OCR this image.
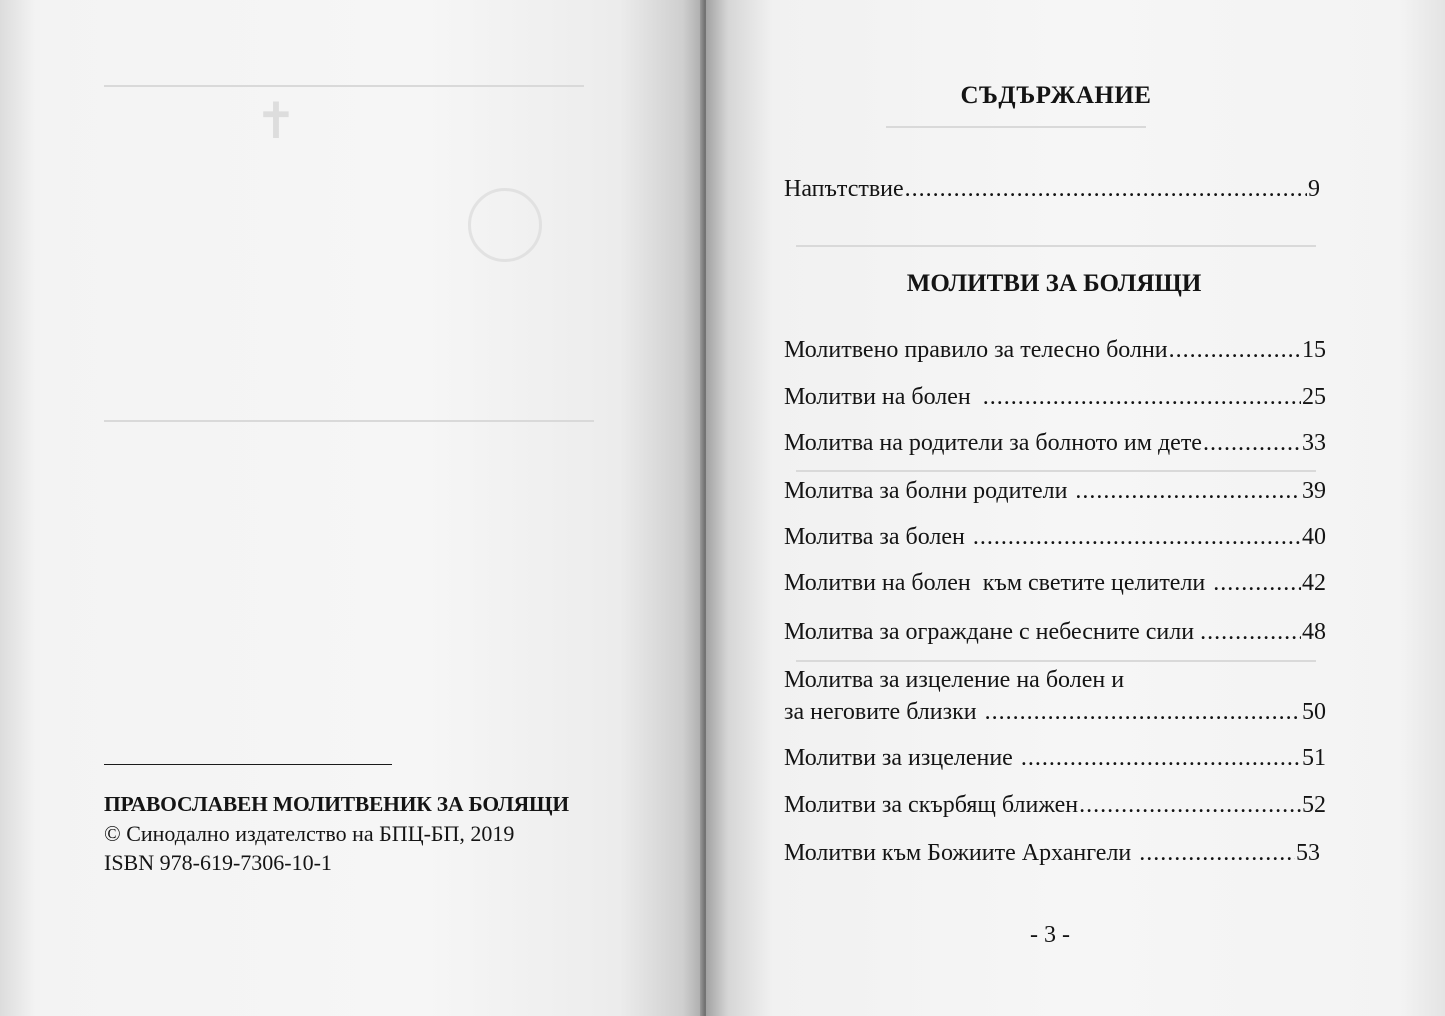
✝
ПРАВОСЛАВЕН МОЛИТВЕНИК ЗА БОЛЯЩИ
© Синодално издателство на БПЦ-БП, 2019
ISBN 978-619-7306-10-1
СЪДЪРЖАНИЕ
Напътствие .....	9
МОЛИТВИ ЗА БОЛЯЩИ
Молитвено правило за телесно болни .....	15
Молитви на болен .....	25
Молитва на родители за болното им дете .....	33
Молитва за болни родители .....	39
Молитва за болен .....	40
Молитви на болен  към светите целители .....	42
Молитва за ограждане с небесните сили .....	48
Молитва за изцеление на болен и
за неговите близки .....	50
Молитви за изцеление .....	51
Молитви за скърбящ ближен .....	52
Молитви към Божиите Архангели .....	53
- 3 -
